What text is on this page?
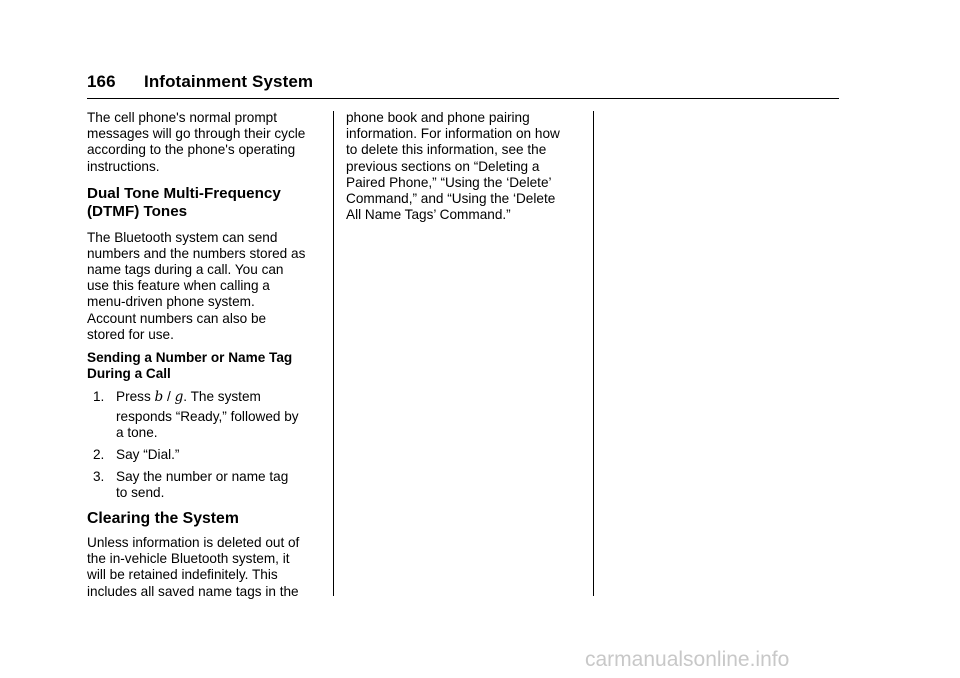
166 Infotainment System

The cell phone's normal prompt

messages will go through their cycle

according to the phone's operating

instructions.

Dual Tone Multi-Frequency
(DTMF) Tones

The Bluetooth system can send

numbers and the numbers stored as

name tags during a call. You can

use this feature when calling a

menu-driven phone system.

Account numbers can also be

stored for use.

Sending a Number or Name Tag

During a Call

1. Press b / g. The system

responds “Ready,” followed by

a tone.

2. Say “Dial.”

3. Say the number or name tag

to send.

Clearing the System

Unless information is deleted out of

the in-vehicle Bluetooth system, it

will be retained indefinitely. This

includes all saved name tags in the

phone book and phone pairing

information. For information on how

to delete this information, see the

previous sections on “Deleting a

Paired Phone,” “Using the ‘Delete’

Command,” and “Using the ‘Delete

All Name Tags’ Command.”

carmanualsonline.info
